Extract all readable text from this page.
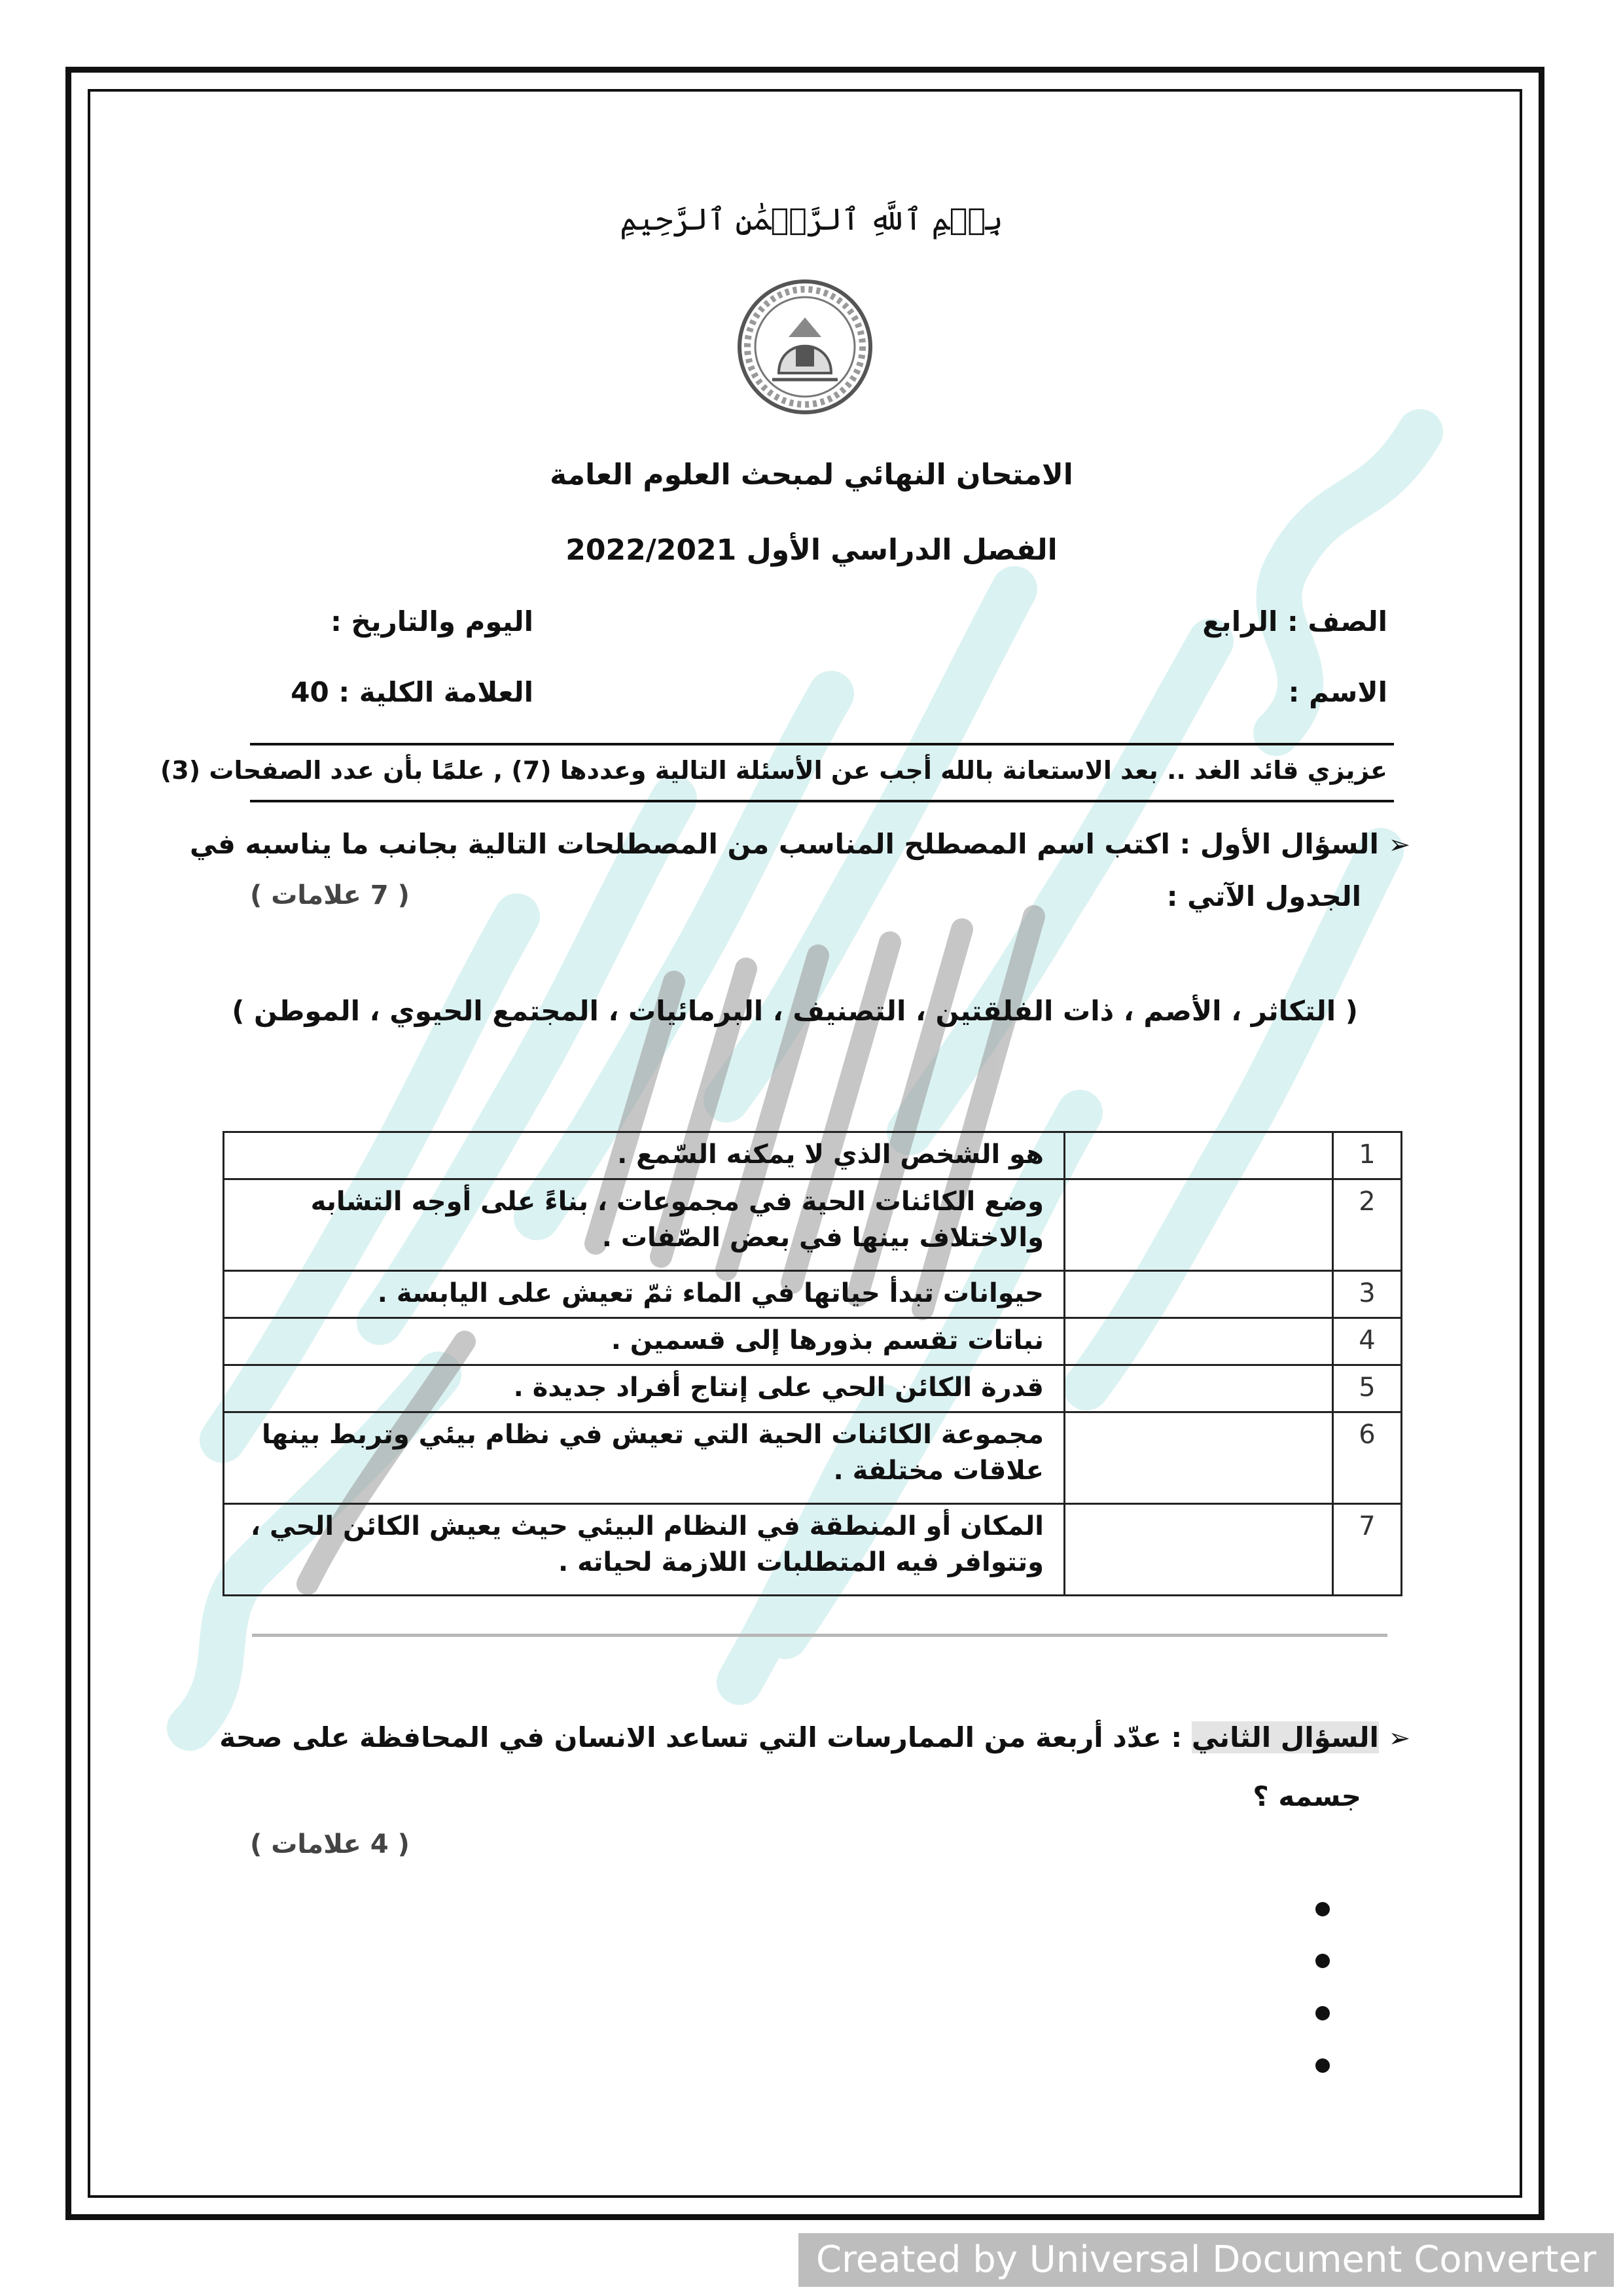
بِسۡمِ ٱللَّهِ ٱلرَّحۡمَٰنِ ٱلرَّحِيمِ
الامتحان النهائي لمبحث العلوم العامة
الفصل الدراسي الأول 2022/2021
الصف : الرابع
اليوم والتاريخ :
الاسم :
العلامة الكلية : 40
عزيزي قائد الغد .. بعد الاستعانة بالله أجب عن الأسئلة التالية وعددها (7) , علمًا بأن عدد الصفحات (3)
➢ السؤال الأول : اكتب اسم المصطلح المناسب من المصطلحات التالية بجانب ما يناسبه في
الجدول الآتي :
( 7 علامات )
( التكاثر ، الأصم ، ذات الفلقتين ، التصنيف ، البرمائيات ، المجتمع الحيوي ، الموطن )
1		هو الشخص الذي لا يمكنه السّمع .
2		وضع الكائنات الحية في مجموعات ، بناءً على أوجه التشابه والاختلاف بينها في بعض الصّفات .
3		حيوانات تبدأ حياتها في الماء ثمّ تعيش على اليابسة .
4		نباتات تقسم بذورها إلى قسمين .
5		قدرة الكائن الحي على إنتاج أفراد جديدة .
6		مجموعة الكائنات الحية التي تعيش في نظام بيئي وتربط بينها علاقات مختلفة .
7		المكان أو المنطقة في النظام البيئي حيث يعيش الكائن الحي ، وتتوافر فيه المتطلبات اللازمة لحياته .
➢ السؤال الثاني : عدّد أربعة من الممارسات التي تساعد الانسان في المحافظة على صحة
جسمه ؟
( 4 علامات )
Created by Universal Document Converter
